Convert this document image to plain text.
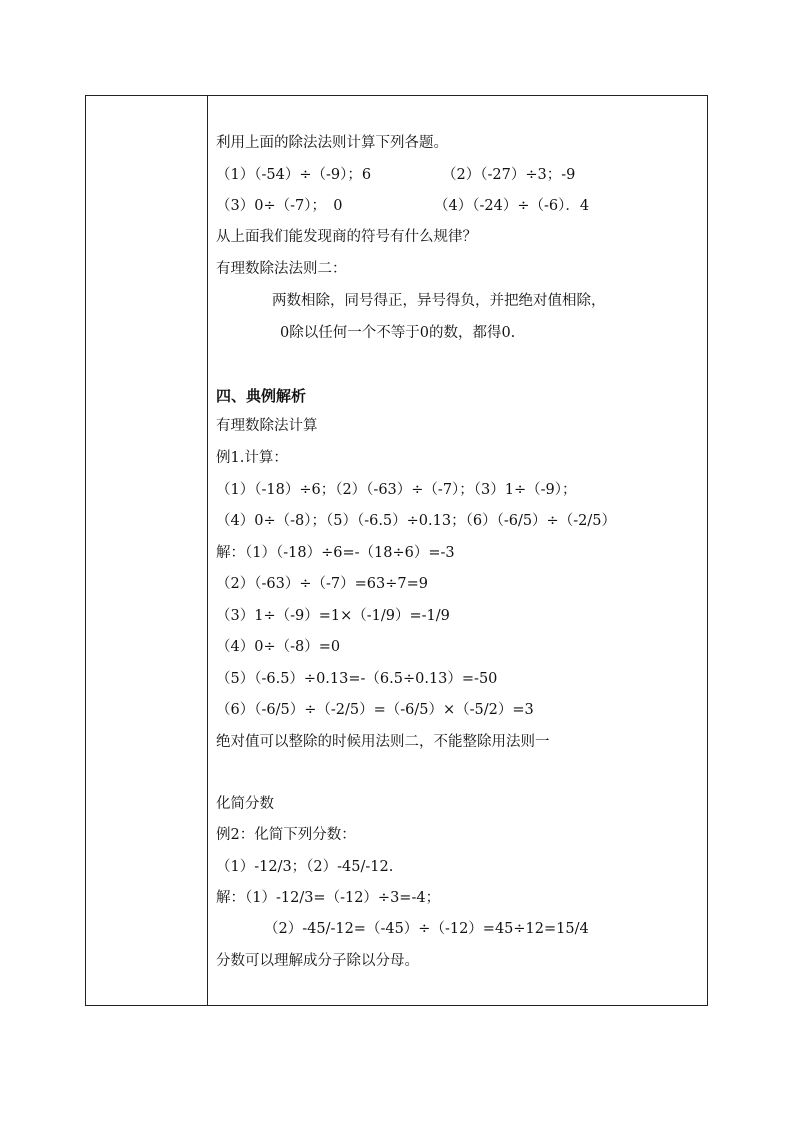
利用上面的除法法则计算下列各题。
（1）（-54）÷（-9）；6	（2）（-27）÷3；-9
（3）0÷（-7）；　0	（4）（-24）÷（-6）．4
从上面我们能发现商的符号有什么规律？
有理数除法法则二：
两数相除，同号得正，异号得负，并把绝对值相除，
0除以任何一个不等于0的数，都得0.
四、典例解析
有理数除法计算
例1.计算：
（1）（-18）÷6；（2）（-63）÷（-7）；（3）1÷（-9）；
（4）0÷（-8）；（5）（-6.5）÷0.13；（6）（-6/5）÷（-2/5）
解：（1）（-18）÷6=-（18÷6）=-3
（2）（-63）÷（-7）=63÷7=9
（3）1÷（-9）=1×（-1/9）=-1/9
（4）0÷（-8）=0
（5）（-6.5）÷0.13=-（6.5÷0.13）=-50
（6）（-6/5）÷（-2/5）=（-6/5）×（-5/2）=3
绝对值可以整除的时候用法则二，不能整除用法则一
化简分数
例2：化简下列分数：
（1）-12/3；（2）-45/-12.
解：（1）-12/3=（-12）÷3=-4；
（2）-45/-12=（-45）÷（-12）=45÷12=15/4
分数可以理解成分子除以分母。
